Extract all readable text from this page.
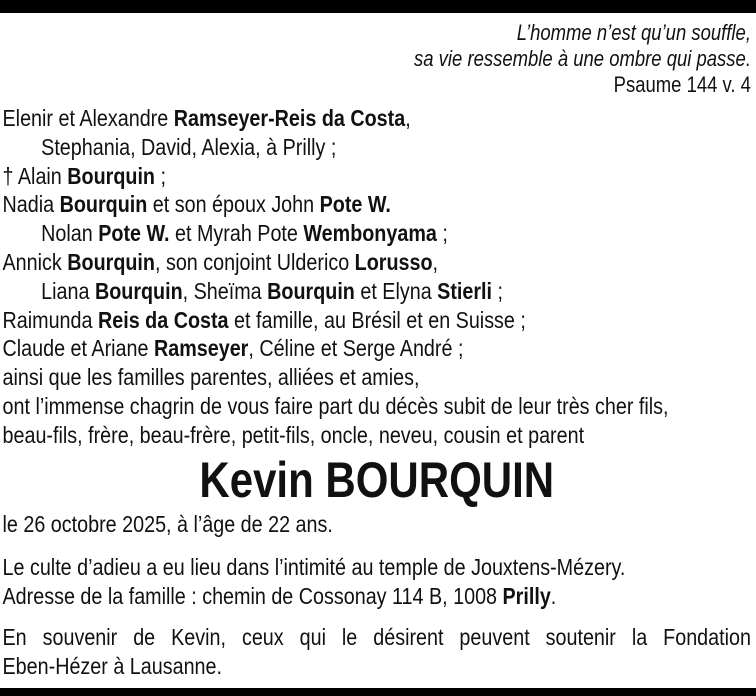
L’homme n’est qu’un souffle,
sa vie ressemble à une ombre qui passe.
Psaume 144 v. 4
Elenir et Alexandre Ramseyer-Reis da Costa,
Stephania, David, Alexia, à Prilly ;
† Alain Bourquin ;
Nadia Bourquin et son époux John Pote W.
Nolan Pote W. et Myrah Pote Wembonyama ;
Annick Bourquin, son conjoint Ulderico Lorusso,
Liana Bourquin, Sheïma Bourquin et Elyna Stierli ;
Raimunda Reis da Costa et famille, au Brésil et en Suisse ;
Claude et Ariane Ramseyer, Céline et Serge André ;
ainsi que les familles parentes, alliées et amies,
ont l’immense chagrin de vous faire part du décès subit de leur très cher fils,
beau-fils, frère, beau-frère, petit-fils, oncle, neveu, cousin et parent
Kevin BOURQUIN
le 26 octobre 2025, à l’âge de 22 ans.
Le culte d’adieu a eu lieu dans l’intimité au temple de Jouxtens-Mézery.
Adresse de la famille : chemin de Cossonay 114 B, 1008 Prilly.
En souvenir de Kevin, ceux qui le désirent peuvent soutenir la Fondation
Eben-Hézer à Lausanne.
